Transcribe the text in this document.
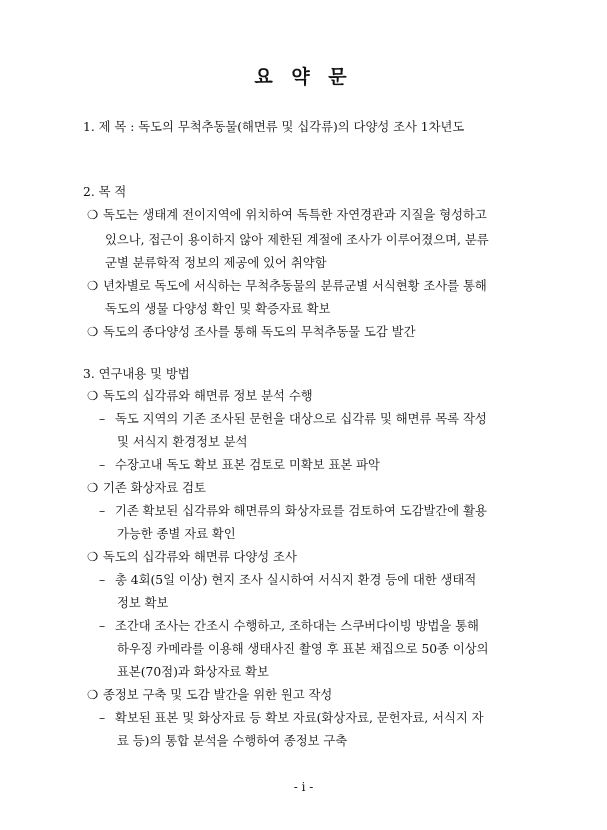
요 약 문
1. 제 목 : 독도의 무척추동물(해면류 및 십각류)의 다양성 조사 1차년도
2. 목 적
❍ 독도는 생태계 전이지역에 위치하여 독특한 자연경관과 지질을 형성하고
있으나, 접근이 용이하지 않아 제한된 계절에 조사가 이루어졌으며, 분류
군별 분류학적 정보의 제공에 있어 취약함
❍ 년차별로 독도에 서식하는 무척추동물의 분류군별 서식현황 조사를 통해
독도의 생물 다양성 확인 및 확증자료 확보
❍ 독도의 종다양성 조사를 통해 독도의 무척추동물 도감 발간
3. 연구내용 및 방법
❍ 독도의 십각류와 해면류 정보 분석 수행
– 독도 지역의 기존 조사된 문헌을 대상으로 십각류 및 해면류 목록 작성
및 서식지 환경정보 분석
– 수장고내 독도 확보 표본 검토로 미확보 표본 파악
❍ 기존 화상자료 검토
– 기존 확보된 십각류와 해면류의 화상자료를 검토하여 도감발간에 활용
가능한 종별 자료 확인
❍ 독도의 십각류와 해면류 다양성 조사
– 총 4회(5일 이상) 현지 조사 실시하여 서식지 환경 등에 대한 생태적
정보 확보
– 조간대 조사는 간조시 수행하고, 조하대는 스쿠버다이빙 방법을 통해
하우징 카메라를 이용해 생태사진 촬영 후 표본 채집으로 50종 이상의
표본(70점)과 화상자료 확보
❍ 종정보 구축 및 도감 발간을 위한 원고 작성
– 확보된 표본 및 화상자료 등 확보 자료(화상자료, 문헌자료, 서식지 자
료 등)의 통합 분석을 수행하여 종정보 구축
- i -
